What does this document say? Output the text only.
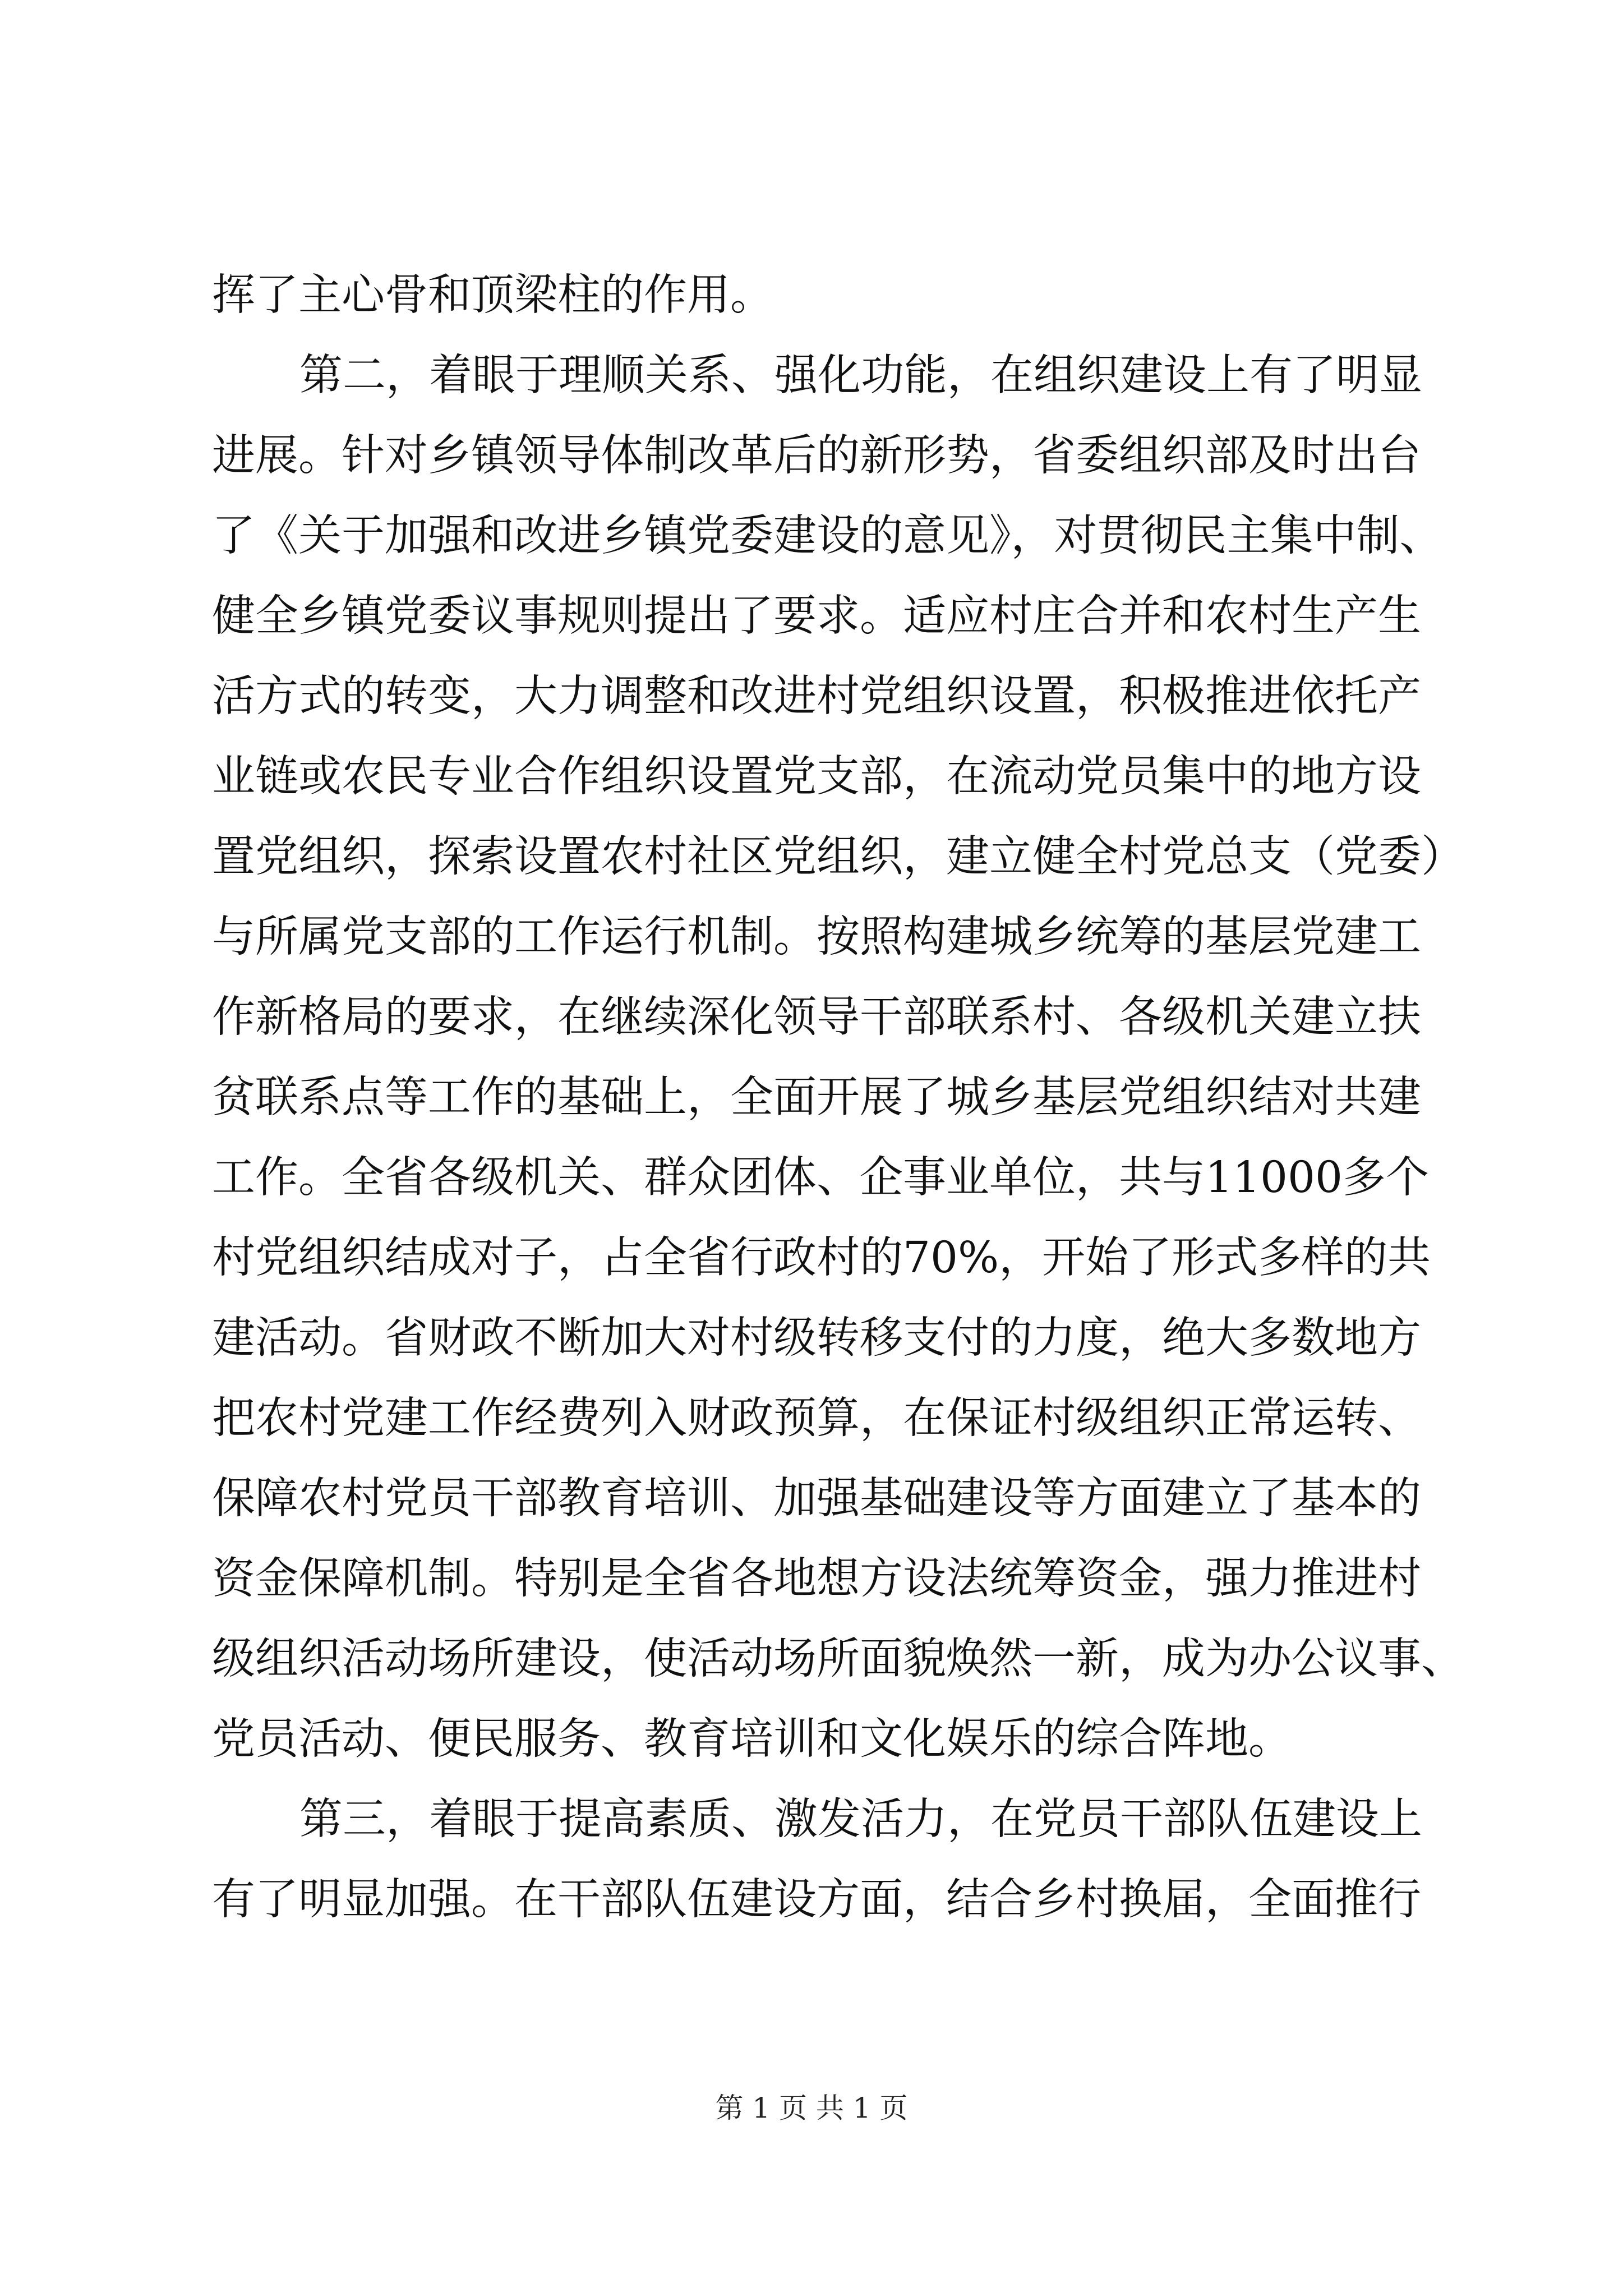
挥了主心骨和顶梁柱的作用。
第二，着眼于理顺关系、强化功能，在组织建设上有了明显
进展。针对乡镇领导体制改革后的新形势，省委组织部及时出台
了《关于加强和改进乡镇党委建设的意见》，对贯彻民主集中制、
健全乡镇党委议事规则提出了要求。适应村庄合并和农村生产生
活方式的转变，大力调整和改进村党组织设置，积极推进依托产
业链或农民专业合作组织设置党支部，在流动党员集中的地方设
置党组织，探索设置农村社区党组织，建立健全村党总支（党委）
与所属党支部的工作运行机制。按照构建城乡统筹的基层党建工
作新格局的要求，在继续深化领导干部联系村、各级机关建立扶
贫联系点等工作的基础上，全面开展了城乡基层党组织结对共建
工作。全省各级机关、群众团体、企事业单位，共与11000多个
村党组织结成对子，占全省行政村的70%，开始了形式多样的共
建活动。省财政不断加大对村级转移支付的力度，绝大多数地方
把农村党建工作经费列入财政预算，在保证村级组织正常运转、
保障农村党员干部教育培训、加强基础建设等方面建立了基本的
资金保障机制。特别是全省各地想方设法统筹资金，强力推进村
级组织活动场所建设，使活动场所面貌焕然一新，成为办公议事、
党员活动、便民服务、教育培训和文化娱乐的综合阵地。
第三，着眼于提高素质、激发活力，在党员干部队伍建设上
有了明显加强。在干部队伍建设方面，结合乡村换届，全面推行
第 1 页 共 1 页
